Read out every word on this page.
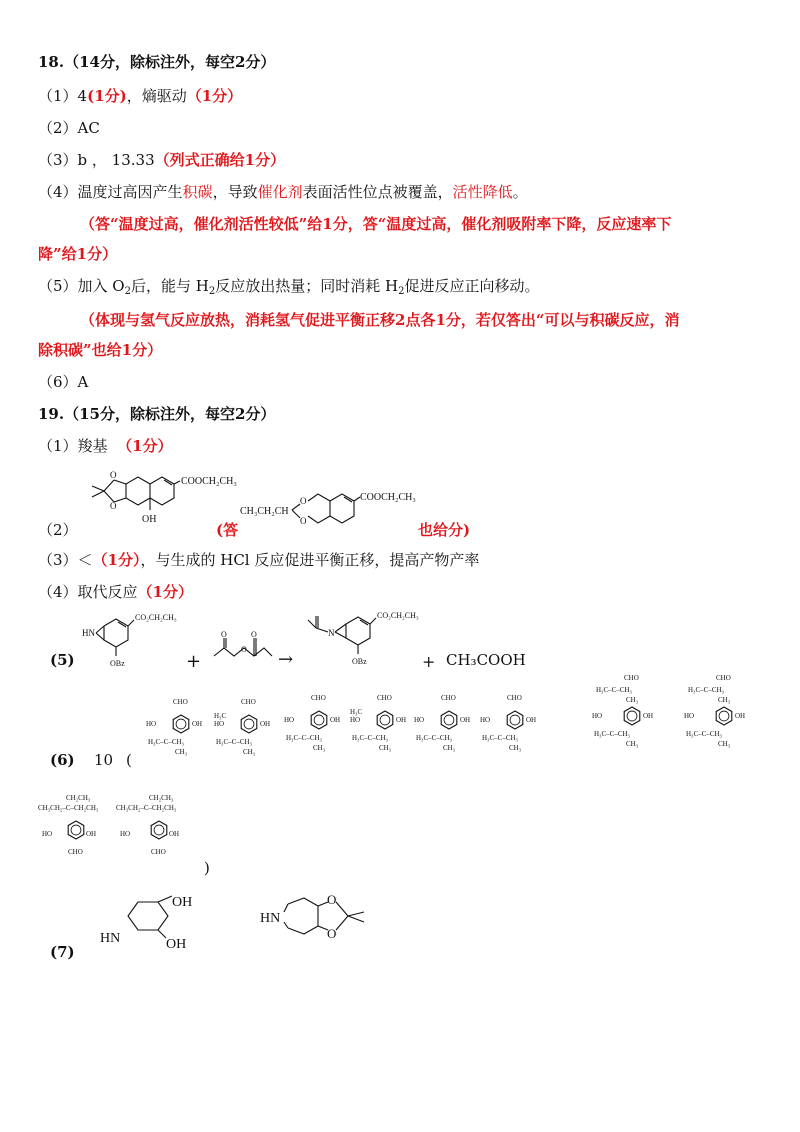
18.（14分，除标注外，每空2分）
（1）4(1分)，熵驱动（1分）
（2）AC
（3）b ， 13.33（列式正确给1分）
（4）温度过高因产生积碳，导致催化剂表面活性位点被覆盖，活性降低。
（答“温度过高，催化剂活性较低”给1分，答“温度过高，催化剂吸附率下降，反应速率下
降”给1分）
（5）加入 $O_2$后，能与 $H_2$反应放出热量；同时消耗 $H_2$促进反应正向移动。
（体现与氢气反应放热，消耗氢气促进平衡正移2点各1分，若仅答出“可以与积碳反应，消
除积碳”也给1分）
（6）A
19.（15分，除标注外，每空2分）
（1）羧基 （1分）
O
O
COOCH₂CH₃
OH
（2）	(答
CH₃CH₂CH
O
O
COOCH₂CH₃
也给分)
（3）＜（1分），与生成的 HCl 反应促进平衡正移，提高产物产率
（4）取代反应（1分）
(5)
HN
CO₂CH₂CH₃
OBz	+
O	O
O →
N
CO₂CH₂CH₃
OBz	+ CH₃COOH
(6) 10 (
CHO
HO	OH
H₃C–C–CH₃
CH₃
CHO
HO	OH
H₃C
H₃C–C–CH₃
CH₃
CHO
HO	OH
H₃C–C–CH₃
CH₃
CHO
HO	OH
H₃C
H₃C–C–CH₃
CH₃
CHO
HO	OH
H₃C–C–CH₃
CH₃
CHO
HO	OH
H₃C–C–CH₃
CH₃
CHO
H₃C–C–CH₃
CH₃
HO	OH
H₃C–C–CH₃
CH₃
CHO
H₃C–C–CH₃
CH₃
HO	OH
H₃C–C–CH₃
CH₃
CH₂CH₃
CH₃CH₂–C–CH₂CH₃
HO	OH
CHO
CH₂CH₃
CH₃CH₂–C–CH₂CH₃
HO	OH
CHO
)
(7)
HN
OH
OH
HN
O
O
